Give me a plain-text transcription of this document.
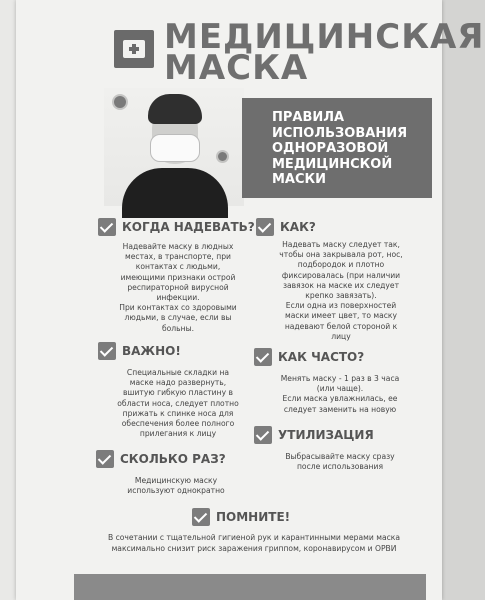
МЕДИЦИНСКАЯ МАСКА
ПРАВИЛА ИСПОЛЬЗОВАНИЯ ОДНОРАЗОВОЙ МЕДИЦИНСКОЙ МАСКИ
КОГДА НАДЕВАТЬ?
Надевайте маску в людных
местах, в транспорте, при
контактах с людьми,
имеющими признаки острой
респираторной вирусной
инфекции.
При контактах со здоровыми
людьми, в случае, если вы
больны.
КАК?
Надевать маску следует так,
чтобы она закрывала рот, нос,
подбородок и плотно
фиксировалась (при наличии
завязок на маске их следует
крепко завязать).
Если одна из поверхностей
маски имеет цвет, то маску
надевают белой стороной к
лицу
ВАЖНО!
Специальные складки на
маске надо развернуть,
вшитую гибкую пластину в
области носа, следует плотно
прижать к спинке носа для
обеспечения более полного
прилегания к лицу
КАК ЧАСТО?
Менять маску - 1 раз в 3 часа
(или чаще).
Если маска увлажнилась, ее
следует заменить на новую
УТИЛИЗАЦИЯ
Выбрасывайте маску сразу
после использования
СКОЛЬКО РАЗ?
Медицинскую маску
используют однократно
ПОМНИТЕ!

В сочетании с тщательной гигиеной рук и карантинными мерами маска максимально снизит риск заражения гриппом, коронавирусом и ОРВИ
